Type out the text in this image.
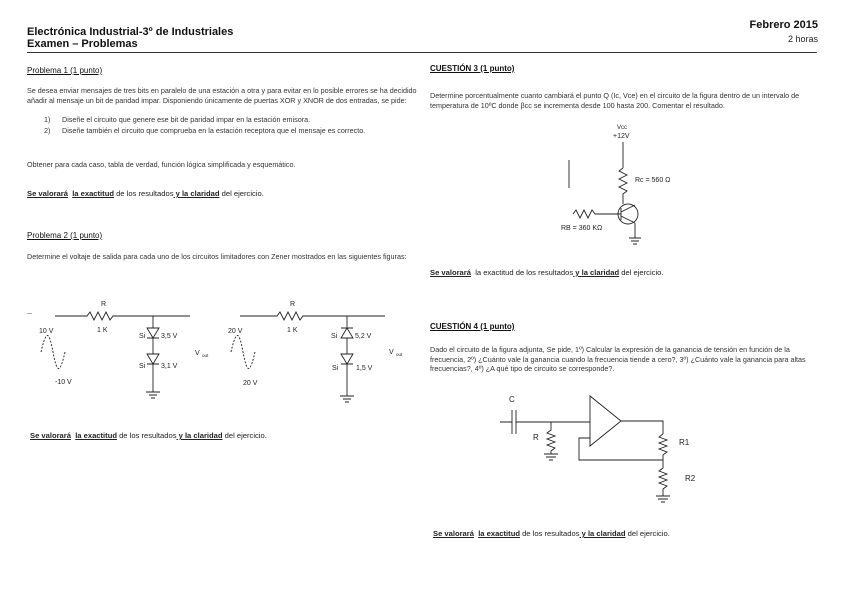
Electrónica Industrial-3º de Industriales
Examen – Problemas
Febrero 2015
2 horas
Problema 1 (1 punto)
Se desea enviar mensajes de tres bits en paralelo de una estación a otra y para evitar en lo posible errores se ha decidido añadir al mensaje un bit de paridad impar. Disponiendo únicamente de puertas XOR y XNOR de dos entradas, se pide:
1) Diseñe el circuito que genere ese bit de paridad impar en la estación emisora.
2) Diseñe también el circuito que comprueba en la estación receptora que el mensaje es correcto.
Obtener para cada caso, tabla de verdad, función lógica simplificada y esquemático.
Se valorará la exactitud de los resultados y la claridad del ejercicio.
Problema 2 (1 punto)
Determine el voltaje de salida para cada uno de los circuitos limitadores con Zener mostrados en las siguientes figuras:
—
R
1 K
10 V
-10 V
Si 3,5 V
Si 3,1 V
V out
R
1 K
20 V
20 V
Si	5,2 V
Si	1,5 V
V out
Se valorará la exactitud de los resultados y la claridad del ejercicio.
CUESTIÓN 3 (1 punto)
Determine porcentualmente cuanto cambiará el punto Q (Ic, Vce) en el circuito de la figura dentro de un intervalo de temperatura de 10ºC donde βcc se incrementa desde 100 hasta 200. Comentar el resultado.
Vcc
+12V
Rc = 560 Ω
RB = 360 KΩ
Se valorará la exactitud de los resultados y la claridad del ejercicio.
CUESTIÓN 4 (1 punto)
Dado el circuito de la figura adjunta, Se pide, 1º) Calcular la expresión de la ganancia de tensión en función de la frecuencia, 2º) ¿Cuánto vale la ganancia cuando la frecuencia tiende a cero?, 3º) ¿Cuánto vale la ganancia para altas frecuencias?, 4º) ¿A qué tipo de circuito se corresponde?.
C
R
R1
R2
Se valorará la exactitud de los resultados y la claridad del ejercicio.
